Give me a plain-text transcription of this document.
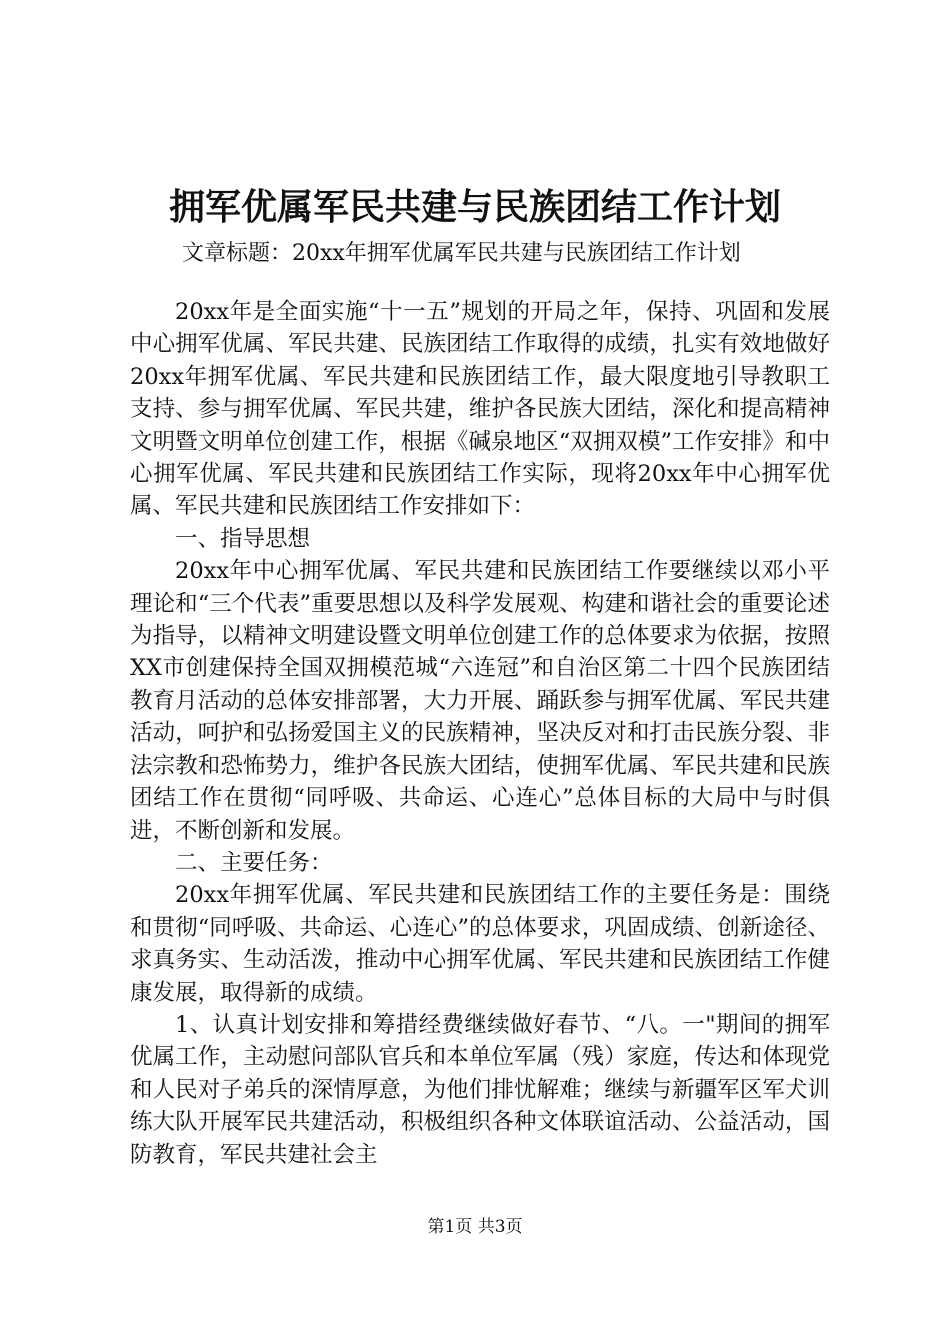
拥军优属军民共建与民族团结工作计划
文章标题：20xx年拥军优属军民共建与民族团结工作计划

20xx年是全面实施“十一五”规划的开局之年，保持、巩固和发展中心拥军优属、军民共建、民族团结工作取得的成绩，扎实有效地做好20xx年拥军优属、军民共建和民族团结工作，最大限度地引导教职工支持、参与拥军优属、军民共建，维护各民族大团结，深化和提高精神文明暨文明单位创建工作，根据《碱泉地区“双拥双模”工作安排》和中心拥军优属、军民共建和民族团结工作实际，现将20xx年中心拥军优属、军民共建和民族团结工作安排如下：

一、指导思想

20xx年中心拥军优属、军民共建和民族团结工作要继续以邓小平理论和“三个代表”重要思想以及科学发展观、构建和谐社会的重要论述为指导，以精神文明建设暨文明单位创建工作的总体要求为依据，按照XX市创建保持全国双拥模范城“六连冠”和自治区第二十四个民族团结教育月活动的总体安排部署，大力开展、踊跃参与拥军优属、军民共建活动，呵护和弘扬爱国主义的民族精神，坚决反对和打击民族分裂、非法宗教和恐怖势力，维护各民族大团结，使拥军优属、军民共建和民族团结工作在贯彻“同呼吸、共命运、心连心”总体目标的大局中与时俱进，不断创新和发展。

二、主要任务：

20xx年拥军优属、军民共建和民族团结工作的主要任务是：围绕和贯彻“同呼吸、共命运、心连心”的总体要求，巩固成绩、创新途径、求真务实、生动活泼，推动中心拥军优属、军民共建和民族团结工作健康发展，取得新的成绩。

1、认真计划安排和筹措经费继续做好春节、“八。一"期间的拥军优属工作，主动慰问部队官兵和本单位军属（残）家庭，传达和体现党和人民对子弟兵的深情厚意，为他们排忧解难；继续与新疆军区军犬训练大队开展军民共建活动，积极组织各种文体联谊活动、公益活动，国防教育，军民共建社会主

第1页 共3页
